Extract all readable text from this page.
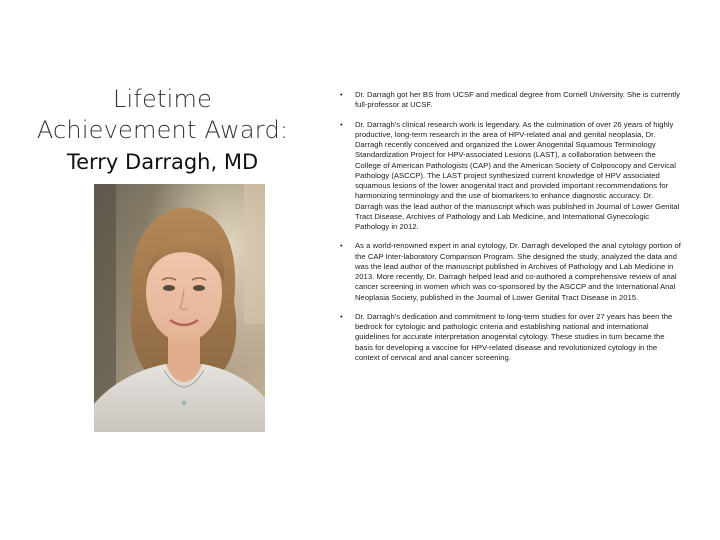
Lifetime
Achievement Award:
Terry Darragh, MD
• Dr. Darragh got her BS from UCSF and medical degree from Cornell University. She is currently full-professor at UCSF.
• Dr. Darragh's clinical research work is legendary. As the culmination of over 26 years of highly productive, long-term research in the area of HPV-related anal and genital neoplasia, Dr. Darragh recently conceived and organized the Lower Anogenital Squamous Terminology Standardization Project for HPV-associated Lesions (LAST), a collaboration between the College of American Pathologists (CAP) and the American Society of Colposcopy and Cervical Pathology (ASCCP). The LAST project synthesized current knowledge of HPV associated squamous lesions of the lower anogenital tract and provided important recommendations for harmonizing terminology and the use of biomarkers to enhance diagnostic accuracy. Dr. Darragh was the lead author of the manuscript which was published in Journal of Lower Genital Tract Disease, Archives of Pathology and Lab Medicine, and International Gynecologic Pathology in 2012.
• As a world-renowned expert in anal cytology, Dr. Darragh developed the anal cytology portion of the CAP Inter-laboratory Comparison Program. She designed the study, analyzed the data and was the lead author of the manuscript published in Archives of Pathology and Lab Medicine in 2013. More recently, Dr. Darragh helped lead and co-authored a comprehensive review of anal cancer screening in women which was co-sponsored by the ASCCP and the International Anal Neoplasia Society, published in the Journal of Lower Genital Tract Disease in 2015.
• Dr. Darragh's dedication and commitment to long-term studies for over 27 years has been the bedrock for cytologic and pathologic criteria and establishing national and international guidelines for accurate interpretation anogenital cytology. These studies in turn became the basis for developing a vaccine for HPV-related disease and revolutionized cytology in the context of cervical and anal cancer screening.
